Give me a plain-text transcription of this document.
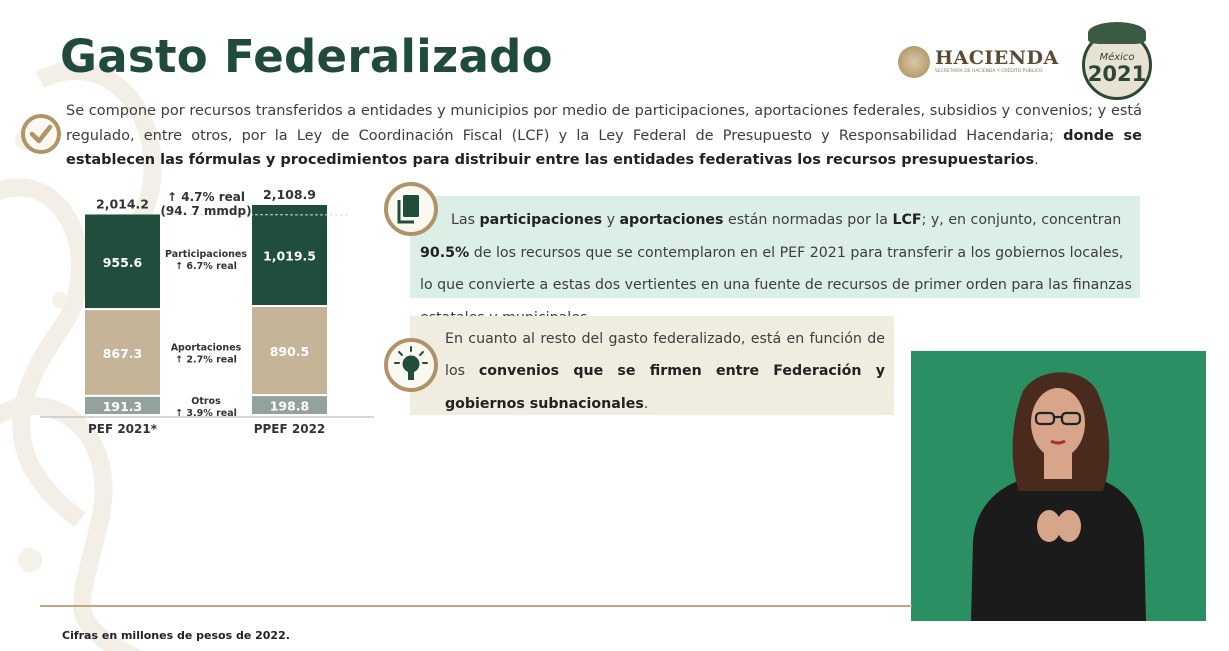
Gasto Federalizado	HACIENDA
SECRETARÍA DE HACIENDA Y CRÉDITO PÚBLICO
México
2021
Se compone por recursos transferidos a entidades y municipios por medio de participaciones, aportaciones federales, subsidios y convenios; y está regulado, entre otros, por la Ley de Coordinación Fiscal (LCF) y la Ley Federal de Presupuesto y Responsabilidad Hacendaria; donde se establecen las fórmulas y procedimientos para distribuir entre las entidades federativas los recursos presupuestarios.
191.3
867.3
955.6
2,014.2
PEF 2021*
198.8
890.5
1,019.5
2,108.9
PPEF 2022
↑ 4.7% real
(94. 7 mmdp)
Participaciones
↑ 6.7% real
Aportaciones
↑ 2.7% real
Otros
↑ 3.9% real
Las participaciones y aportaciones están normadas por la LCF; y, en conjunto, concentran 90.5% de los recursos que se contemplaron en el PEF 2021 para transferir a los gobiernos locales, lo que convierte a estas dos vertientes en una fuente de recursos de primer orden para las finanzas
En cuanto al resto del gasto federalizado, está en función de los convenios que se firmen entre Federación y gobiernos subnacionales.
Cifras en millones de pesos de 2022.
